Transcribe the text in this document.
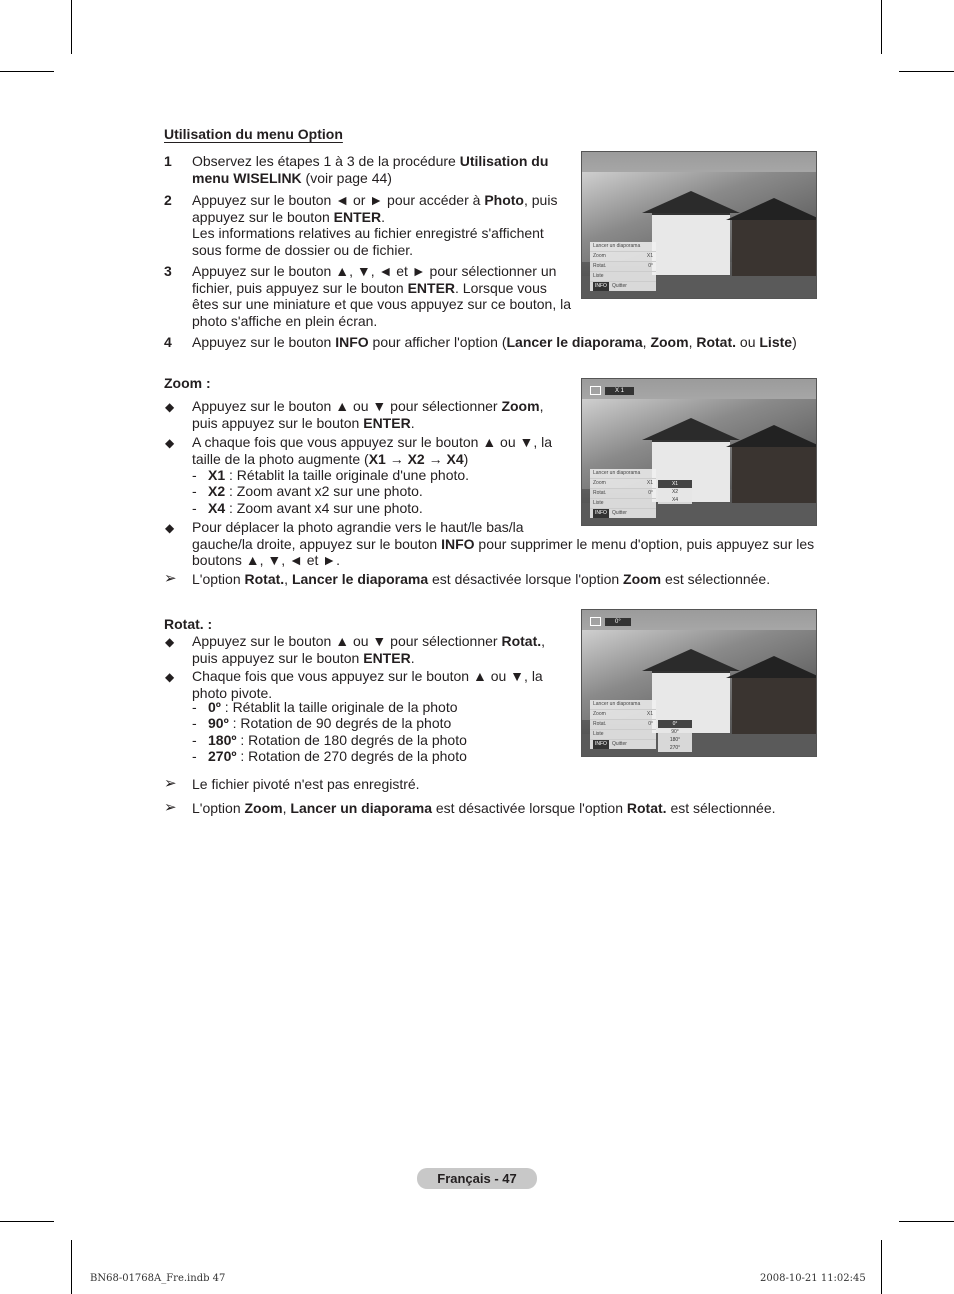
Utilisation du menu Option
1 Observez les étapes 1 à 3 de la procédure Utilisation du menu WISELINK (voir page 44)
2 Appuyez sur le bouton ◄ or ► pour accéder à Photo, puis appuyez sur le bouton ENTER.
Les informations relatives au fichier enregistré s'affichent sous forme de dossier ou de fichier.
3 Appuyez sur le bouton ▲, ▼, ◄ et ► pour sélectionner un fichier, puis appuyez sur le bouton ENTER. Lorsque vous êtes sur une miniature et que vous appuyez sur ce bouton, la photo s'affiche en plein écran.
4 Appuyez sur le bouton INFO pour afficher l'option (Lancer le diaporama, Zoom, Rotat. ou Liste)
Lancer un diaporama
Zoom	X1
Rotat.	0°
Liste
INFO	Quitter
Zoom :
◆ Appuyez sur le bouton ▲ ou ▼ pour sélectionner Zoom, puis appuyez sur le bouton ENTER.
◆ A chaque fois que vous appuyez sur le bouton ▲ ou ▼, la taille de la photo augmente (X1 → X2 → X4)
- X1 : Rétablit la taille originale d'une photo.
- X2 : Zoom avant x2 sur une photo.
- X4 : Zoom avant x4 sur une photo.
◆ Pour déplacer la photo agrandie vers le haut/le bas/la
gauche/la droite, appuyez sur le bouton INFO pour supprimer le menu d'option, puis appuyez sur les boutons ▲, ▼, ◄ et ►.
➢ L'option Rotat., Lancer le diaporama est désactivée lorsque l'option Zoom est sélectionnée.
X 1
Lancer un diaporama
Zoom	X1
Rotat.	0°
Liste
INFO	Quitter
X1
X2
X4
Rotat. :
◆ Appuyez sur le bouton ▲ ou ▼ pour sélectionner Rotat., puis appuyez sur le bouton ENTER.
◆ Chaque fois que vous appuyez sur le bouton ▲ ou ▼, la photo pivote.
- 0º : Rétablit la taille originale de la photo
- 90º : Rotation de 90 degrés de la photo
- 180º : Rotation de 180 degrés de la photo
- 270º : Rotation de 270 degrés de la photo
➢ Le fichier pivoté n'est pas enregistré.
➢ L'option Zoom, Lancer un diaporama est désactivée lorsque l'option Rotat. est sélectionnée.
0°
Lancer un diaporama
Zoom	X1
Rotat.	0°
Liste
INFO	Quitter
0°
90°
180°
270°
Français - 47
BN68-01768A_Fre.indb 47	2008-10-21 11:02:45
